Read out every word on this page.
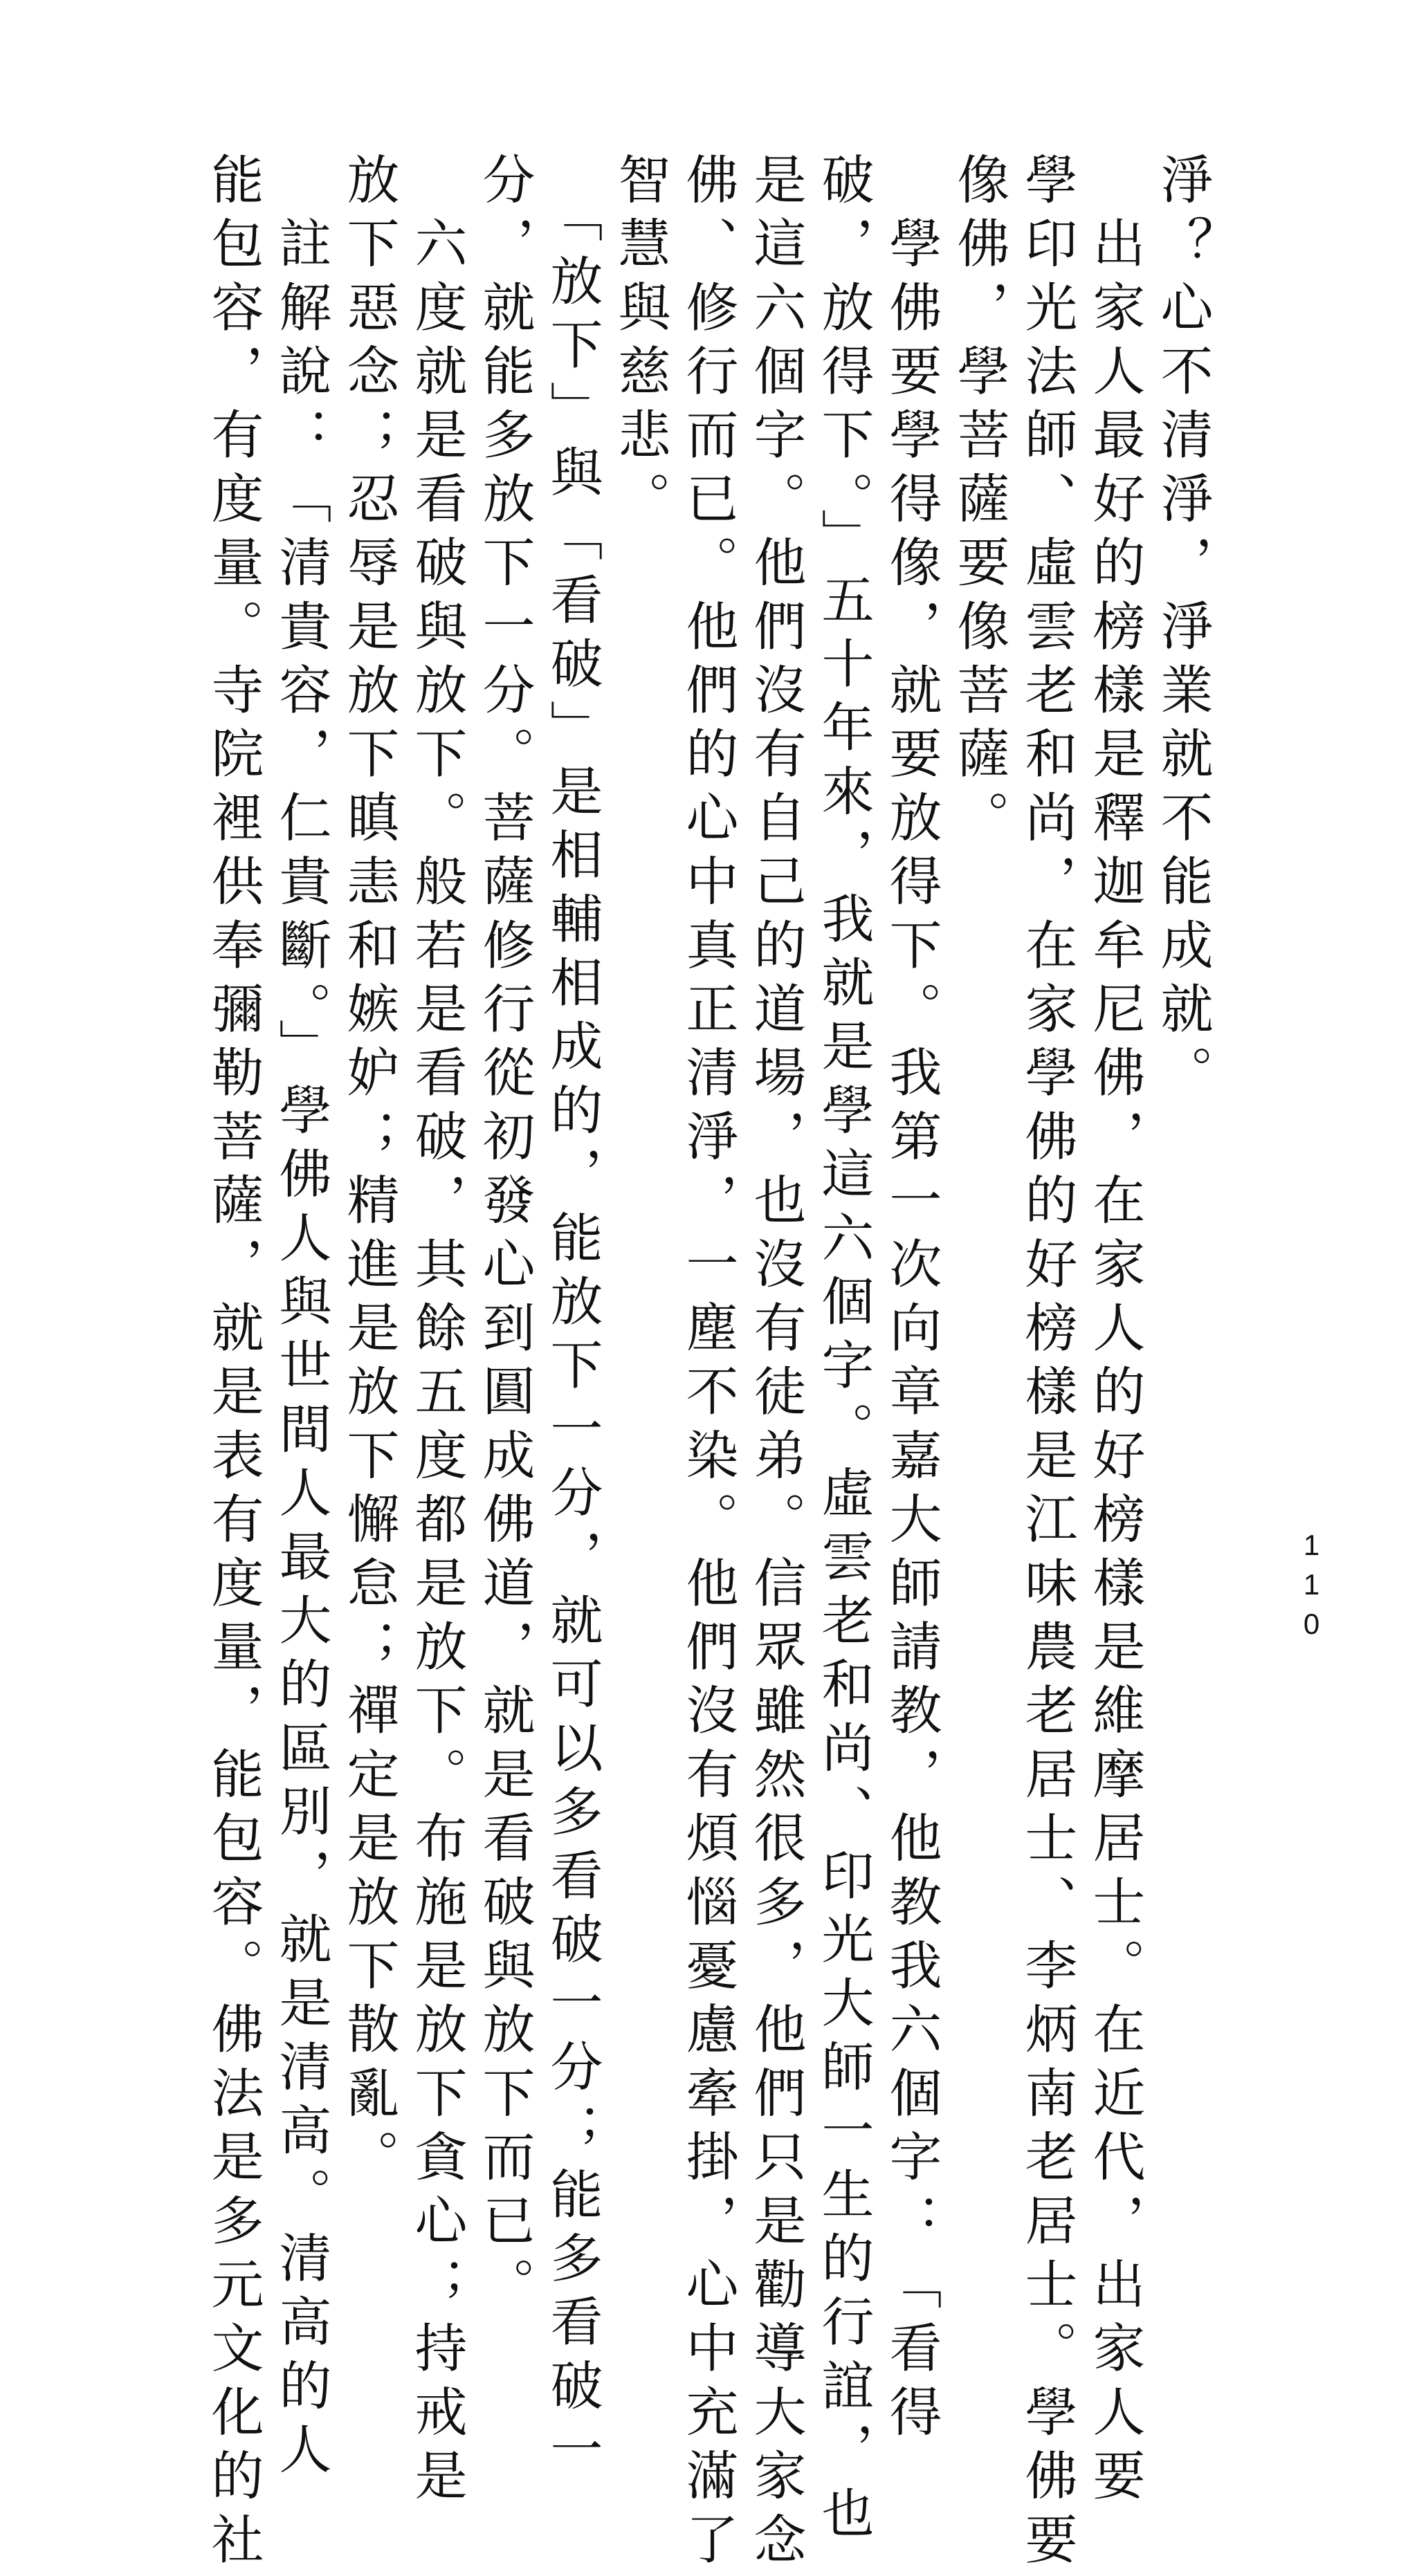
110
淨？心不清淨，淨業就不能成就。
　出家人最好的榜樣是釋迦牟尼佛，在家人的好榜樣是維摩居士。在近代，出家人要
學印光法師、虛雲老和尚，在家學佛的好榜樣是江味農老居士、李炳南老居士。學佛要
像佛，學菩薩要像菩薩。
　學佛要學得像，就要放得下。我第一次向章嘉大師請教，他教我六個字：「看得
破，放得下。」五十年來，我就是學這六個字。虛雲老和尚、印光大師一生的行誼，也
是這六個字。他們沒有自己的道場，也沒有徒弟。信眾雖然很多，他們只是勸導大家念
佛、修行而已。他們的心中真正清淨，一塵不染。他們沒有煩惱憂慮牽掛，心中充滿了
智慧與慈悲。
　「放下」與「看破」是相輔相成的，能放下一分，就可以多看破一分；能多看破一
分，就能多放下一分。菩薩修行從初發心到圓成佛道，就是看破與放下而已。
　六度就是看破與放下。般若是看破，其餘五度都是放下。布施是放下貪心；持戒是
放下惡念；忍辱是放下瞋恚和嫉妒；精進是放下懈怠；禪定是放下散亂。
　註解說：「清貴容，仁貴斷。」學佛人與世間人最大的區別，就是清高。清高的人
能包容，有度量。寺院裡供奉彌勒菩薩，就是表有度量，能包容。佛法是多元文化的社
